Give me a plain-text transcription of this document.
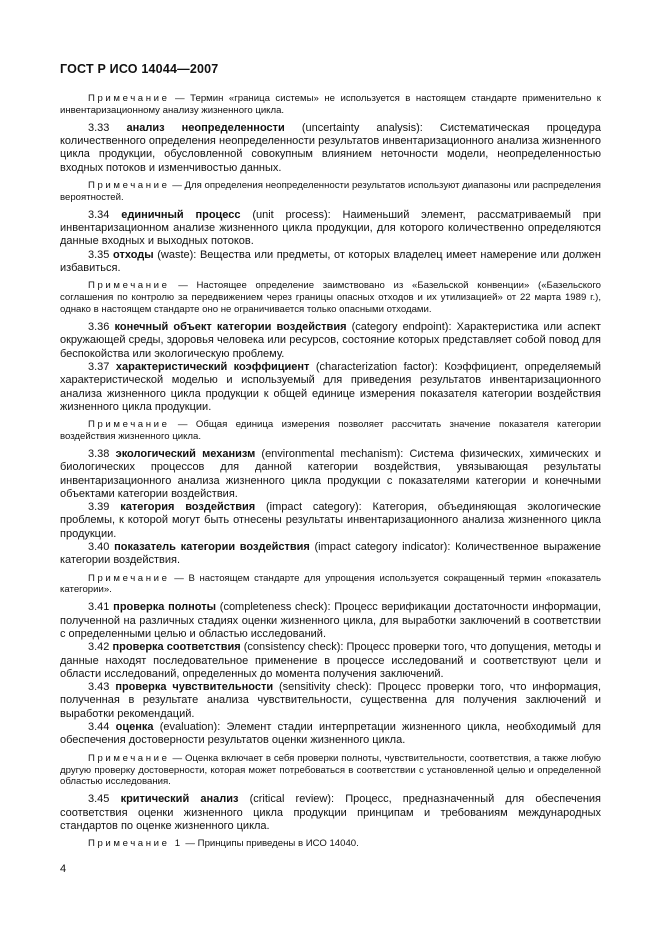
ГОСТ Р ИСО 14044—2007

Примечание — Термин «граница системы» не используется в настоящем стандарте применительно к инвентаризационному анализу жизненного цикла.

3.33 анализ неопределенности (uncertainty analysis): Систематическая процедура количественного определения неопределенности результатов инвентаризационного анализа жизненного цикла продукции, обусловленной совокупным влиянием неточности модели, неопределенностью входных потоков и изменчивостью данных.

Примечание — Для определения неопределенности результатов используют диапазоны или распределения вероятностей.

3.34 единичный процесс (unit process): Наименьший элемент, рассматриваемый при инвентаризационном анализе жизненного цикла продукции, для которого количественно определяются данные входных и выходных потоков.

3.35 отходы (waste): Вещества или предметы, от которых владелец имеет намерение или должен избавиться.

Примечание — Настоящее определение заимствовано из «Базельской конвенции» («Базельского соглашения по контролю за передвижением через границы опасных отходов и их утилизацией» от 22 марта 1989 г.), однако в настоящем стандарте оно не ограничивается только опасными отходами.

3.36 конечный объект категории воздействия (category endpoint): Характеристика или аспект окружающей среды, здоровья человека или ресурсов, состояние которых представляет собой повод для беспокойства или экологическую проблему.

3.37 характеристический коэффициент (characterization factor): Коэффициент, определяемый характеристической моделью и используемый для приведения результатов инвентаризационного анализа жизненного цикла продукции к общей единице измерения показателя категории воздействия жизненного цикла продукции.

Примечание — Общая единица измерения позволяет рассчитать значение показателя категории воздействия жизненного цикла.

3.38 экологический механизм (environmental mechanism): Система физических, химических и биологических процессов для данной категории воздействия, увязывающая результаты инвентаризационного анализа жизненного цикла продукции с показателями категории и конечными объектами категории воздействия.

3.39 категория воздействия (impact category): Категория, объединяющая экологические проблемы, к которой могут быть отнесены результаты инвентаризационного анализа жизненного цикла продукции.

3.40 показатель категории воздействия (impact category indicator): Количественное выражение категории воздействия.

Примечание — В настоящем стандарте для упрощения используется сокращенный термин «показатель категории».

3.41 проверка полноты (completeness check): Процесс верификации достаточности информации, полученной на различных стадиях оценки жизненного цикла, для выработки заключений в соответствии с определенными целью и областью исследований.

3.42 проверка соответствия (consistency check): Процесс проверки того, что допущения, методы и данные находят последовательное применение в процессе исследований и соответствуют цели и области исследований, определенных до момента получения заключений.

3.43 проверка чувствительности (sensitivity check): Процесс проверки того, что информация, полученная в результате анализа чувствительности, существенна для получения заключений и выработки рекомендаций.

3.44 оценка (evaluation): Элемент стадии интерпретации жизненного цикла, необходимый для обеспечения достоверности результатов оценки жизненного цикла.

Примечание — Оценка включает в себя проверки полноты, чувствительности, соответствия, а также любую другую проверку достоверности, которая может потребоваться в соответствии с установленной целью и определенной областью исследования.

3.45 критический анализ (critical review): Процесс, предназначенный для обеспечения соответствия оценки жизненного цикла продукции принципам и требованиям международных стандартов по оценке жизненного цикла.

Примечание 1 — Принципы приведены в ИСО 14040.

4
